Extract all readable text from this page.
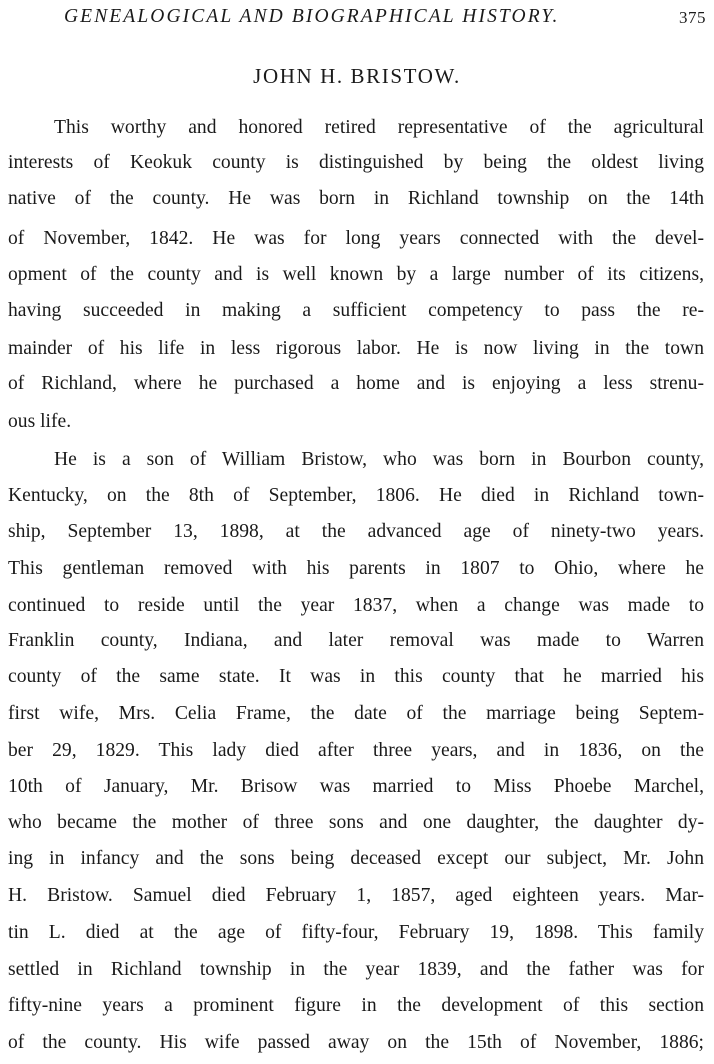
GENEALOGICAL AND BIOGRAPHICAL HISTORY.	375
JOHN H. BRISTOW.
This worthy and honored retired representative of the agricultural
interests of Keokuk county is distinguished by being the oldest living
native of the county. He was born in Richland township on the 14th
of November, 1842. He was for long years connected with the devel-
opment of the county and is well known by a large number of its citizens,
having succeeded in making a sufficient competency to pass the re-
mainder of his life in less rigorous labor. He is now living in the town
of Richland, where he purchased a home and is enjoying a less strenu-
ous life.
He is a son of William Bristow, who was born in Bourbon county,
Kentucky, on the 8th of September, 1806. He died in Richland town-
ship, September 13, 1898, at the advanced age of ninety-two years.
This gentleman removed with his parents in 1807 to Ohio, where he
continued to reside until the year 1837, when a change was made to
Franklin county, Indiana, and later removal was made to Warren
county of the same state. It was in this county that he married his
first wife, Mrs. Celia Frame, the date of the marriage being Septem-
ber 29, 1829. This lady died after three years, and in 1836, on the
10th of January, Mr. Brisow was married to Miss Phoebe Marchel,
who became the mother of three sons and one daughter, the daughter dy-
ing in infancy and the sons being deceased except our subject, Mr. John
H. Bristow. Samuel died February 1, 1857, aged eighteen years. Mar-
tin L. died at the age of fifty-four, February 19, 1898. This family
settled in Richland township in the year 1839, and the father was for
fifty-nine years a prominent figure in the development of this section
of the county. His wife passed away on the 15th of November, 1886;
